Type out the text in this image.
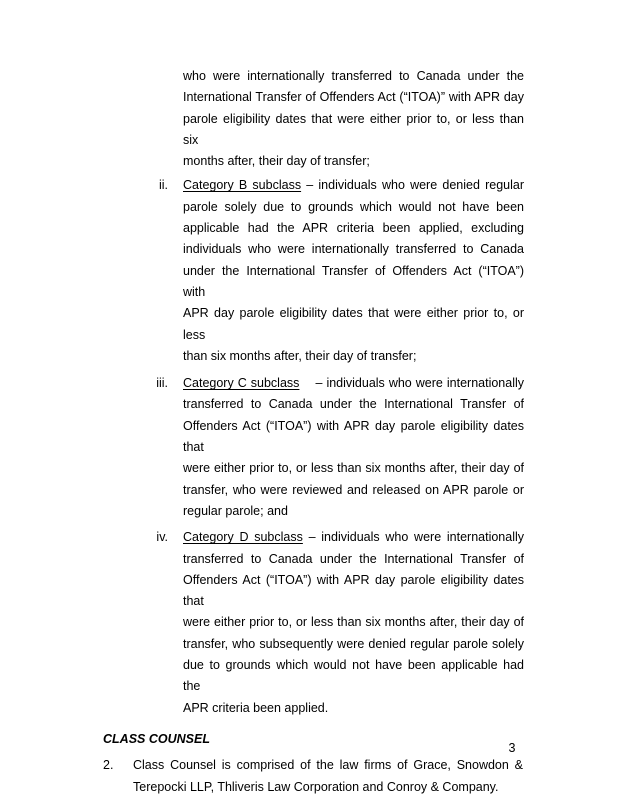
who were internationally transferred to Canada under the
International Transfer of Offenders Act (“ITOA)” with APR day
parole eligibility dates that were either prior to, or less than six
months after, their day of transfer;
ii. Category B subclass – individuals who were denied regular
parole solely due to grounds which would not have been
applicable had the APR criteria been applied, excluding
individuals who were internationally transferred to Canada
under the International Transfer of Offenders Act (“ITOA”) with
APR day parole eligibility dates that were either prior to, or less
than six months after, their day of transfer;
iii. Category C subclass    – individuals who were internationally
transferred to Canada under the International Transfer of
Offenders Act (“ITOA”) with APR day parole eligibility dates that
were either prior to, or less than six months after, their day of
transfer, who were reviewed and released on APR parole or
regular parole; and
iv. Category D subclass – individuals who were internationally
transferred to Canada under the International Transfer of
Offenders Act (“ITOA”) with APR day parole eligibility dates that
were either prior to, or less than six months after, their day of
transfer, who subsequently were denied regular parole solely
due to grounds which would not have been applicable had the
APR criteria been applied.
CLASS COUNSEL
2. Class Counsel is comprised of the law firms of Grace, Snowdon &
Terepocki LLP, Thliveris Law Corporation and Conroy & Company.
3
